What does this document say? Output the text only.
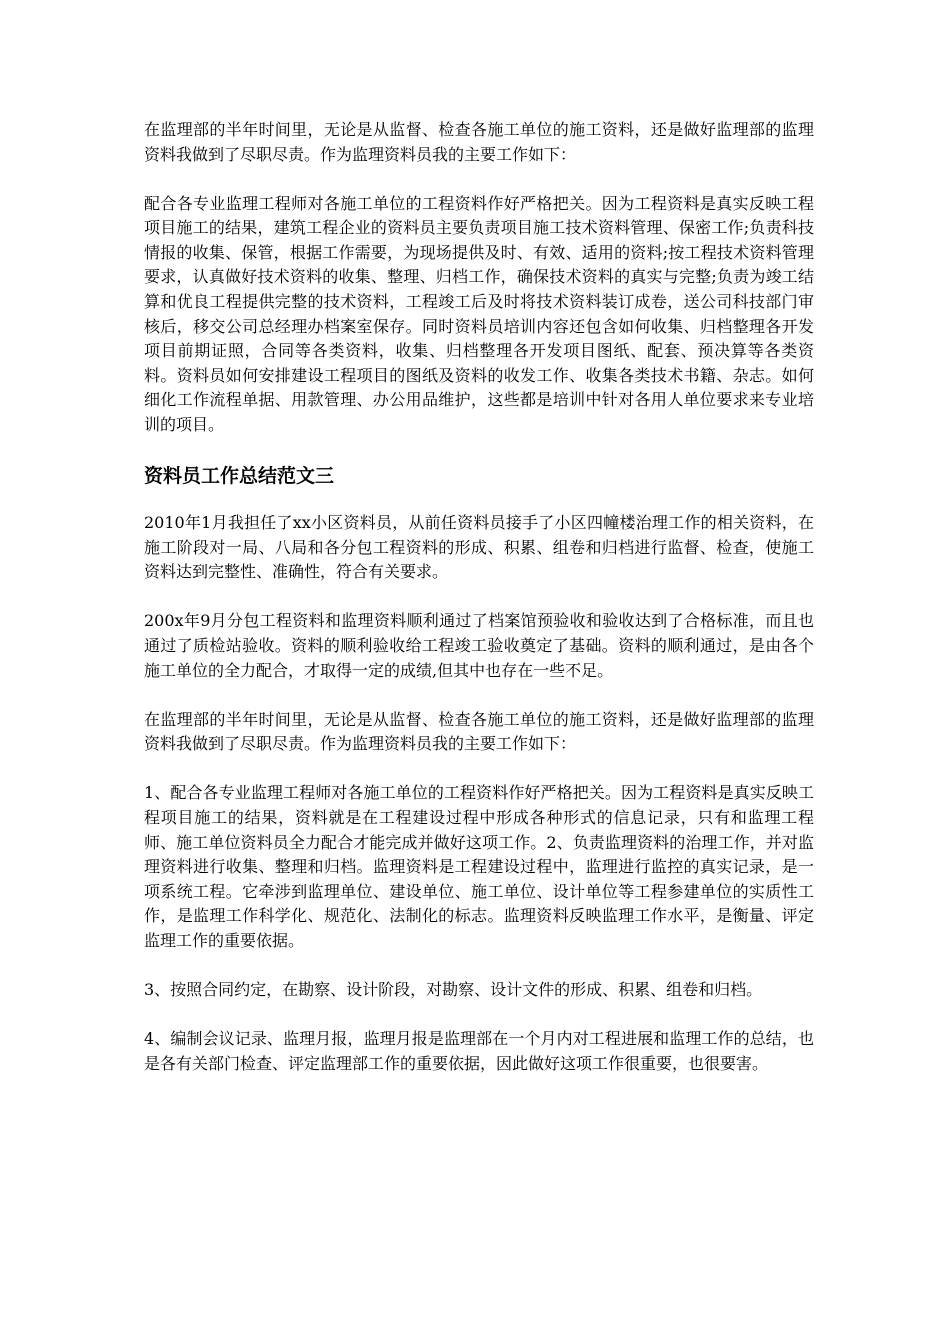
在监理部的半年时间里，无论是从监督、检查各施工单位的施工资料，还是做好监理部的监理资料我做到了尽职尽责。作为监理资料员我的主要工作如下：

配合各专业监理工程师对各施工单位的工程资料作好严格把关。因为工程资料是真实反映工程项目施工的结果，建筑工程企业的资料员主要负责项目施工技术资料管理、保密工作;负责科技情报的收集、保管，根据工作需要，为现场提供及时、有效、适用的资料;按工程技术资料管理要求，认真做好技术资料的收集、整理、归档工作，确保技术资料的真实与完整;负责为竣工结算和优良工程提供完整的技术资料，工程竣工后及时将技术资料装订成卷，送公司科技部门审核后，移交公司总经理办档案室保存。同时资料员培训内容还包含如何收集、归档整理各开发项目前期证照，合同等各类资料，收集、归档整理各开发项目图纸、配套、预决算等各类资料。资料员如何安排建设工程项目的图纸及资料的收发工作、收集各类技术书籍、杂志。如何细化工作流程单据、用款管理、办公用品维护，这些都是培训中针对各用人单位要求来专业培训的项目。

资料员工作总结范文三

2010年1月我担任了xx小区资料员，从前任资料员接手了小区四幢楼治理工作的相关资料，在施工阶段对一局、八局和各分包工程资料的形成、积累、组卷和归档进行监督、检查，使施工资料达到完整性、准确性，符合有关要求。

200x年9月分包工程资料和监理资料顺利通过了档案馆预验收和验收达到了合格标准，而且也通过了质检站验收。资料的顺利验收给工程竣工验收奠定了基础。资料的顺利通过，是由各个施工单位的全力配合，才取得一定的成绩,但其中也存在一些不足。

在监理部的半年时间里，无论是从监督、检查各施工单位的施工资料，还是做好监理部的监理资料我做到了尽职尽责。作为监理资料员我的主要工作如下：

1、配合各专业监理工程师对各施工单位的工程资料作好严格把关。因为工程资料是真实反映工程项目施工的结果，资料就是在工程建设过程中形成各种形式的信息记录，只有和监理工程师、施工单位资料员全力配合才能完成并做好这项工作。2、负责监理资料的治理工作，并对监理资料进行收集、整理和归档。监理资料是工程建设过程中，监理进行监控的真实记录，是一项系统工程。它牵涉到监理单位、建设单位、施工单位、设计单位等工程参建单位的实质性工作，是监理工作科学化、规范化、法制化的标志。监理资料反映监理工作水平，是衡量、评定监理工作的重要依据。

3、按照合同约定，在勘察、设计阶段，对勘察、设计文件的形成、积累、组卷和归档。

4、编制会议记录、监理月报，监理月报是监理部在一个月内对工程进展和监理工作的总结，也是各有关部门检查、评定监理部工作的重要依据，因此做好这项工作很重要，也很要害。
